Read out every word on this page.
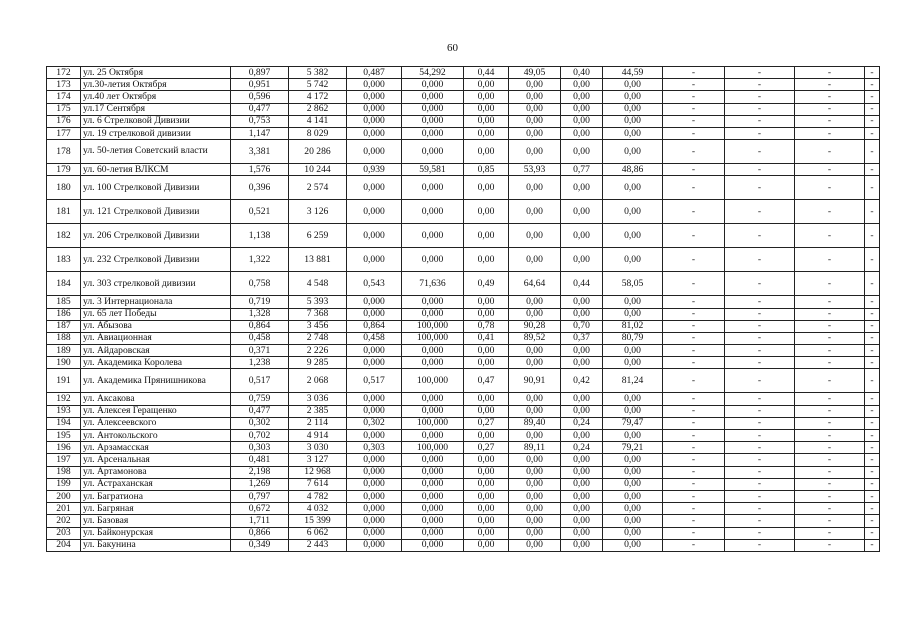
60
172	ул. 25 Октября	0,897	5 382	0,487	54,292	0,44	49,05	0,40	44,59	-	-	-	-
173	ул.30-летия Октября	0,951	5 742	0,000	0,000	0,00	0,00	0,00	0,00	-	-	-	-
174	ул.40 лет Октября	0,596	4 172	0,000	0,000	0,00	0,00	0,00	0,00	-	-	-	-
175	ул.17 Сентября	0,477	2 862	0,000	0,000	0,00	0,00	0,00	0,00	-	-	-	-
176	ул. 6 Стрелковой Дивизии	0,753	4 141	0,000	0,000	0,00	0,00	0,00	0,00	-	-	-	-
177	ул. 19 стрелковой дивизии	1,147	8 029	0,000	0,000	0,00	0,00	0,00	0,00	-	-	-	-
178	ул. 50-летия Советский власти	3,381	20 286	0,000	0,000	0,00	0,00	0,00	0,00	-	-	-	-
179	ул. 60-летия ВЛКСМ	1,576	10 244	0,939	59,581	0,85	53,93	0,77	48,86	-	-	-	-
180	ул. 100 Стрелковой Дивизии	0,396	2 574	0,000	0,000	0,00	0,00	0,00	0,00	-	-	-	-
181	ул. 121 Стрелковой Дивизии	0,521	3 126	0,000	0,000	0,00	0,00	0,00	0,00	-	-	-	-
182	ул. 206 Стрелковой Дивизии	1,138	6 259	0,000	0,000	0,00	0,00	0,00	0,00	-	-	-	-
183	ул. 232 Стрелковой Дивизии	1,322	13 881	0,000	0,000	0,00	0,00	0,00	0,00	-	-	-	-
184	ул. 303 стрелковой дивизии	0,758	4 548	0,543	71,636	0,49	64,64	0,44	58,05	-	-	-	-
185	ул. 3 Интернационала	0,719	5 393	0,000	0,000	0,00	0,00	0,00	0,00	-	-	-	-
186	ул. 65 лет Победы	1,328	7 368	0,000	0,000	0,00	0,00	0,00	0,00	-	-	-	-
187	ул. Абызова	0,864	3 456	0,864	100,000	0,78	90,28	0,70	81,02	-	-	-	-
188	ул. Авиационная	0,458	2 748	0,458	100,000	0,41	89,52	0,37	80,79	-	-	-	-
189	ул. Айдаровская	0,371	2 226	0,000	0,000	0,00	0,00	0,00	0,00	-	-	-	-
190	ул. Академика Королева	1,238	9 285	0,000	0,000	0,00	0,00	0,00	0,00	-	-	-	-
191	ул. Академика Прянишникова	0,517	2 068	0,517	100,000	0,47	90,91	0,42	81,24	-	-	-	-
192	ул. Аксакова	0,759	3 036	0,000	0,000	0,00	0,00	0,00	0,00	-	-	-	-
193	ул. Алексея Геращенко	0,477	2 385	0,000	0,000	0,00	0,00	0,00	0,00	-	-	-	-
194	ул. Алексеевского	0,302	2 114	0,302	100,000	0,27	89,40	0,24	79,47	-	-	-	-
195	ул. Антокольского	0,702	4 914	0,000	0,000	0,00	0,00	0,00	0,00	-	-	-	-
196	ул. Арзамасская	0,303	3 030	0,303	100,000	0,27	89,11	0,24	79,21	-	-	-	-
197	ул. Арсенальная	0,481	3 127	0,000	0,000	0,00	0,00	0,00	0,00	-	-	-	-
198	ул. Артамонова	2,198	12 968	0,000	0,000	0,00	0,00	0,00	0,00	-	-	-	-
199	ул. Астраханская	1,269	7 614	0,000	0,000	0,00	0,00	0,00	0,00	-	-	-	-
200	ул. Багратиона	0,797	4 782	0,000	0,000	0,00	0,00	0,00	0,00	-	-	-	-
201	ул. Багряная	0,672	4 032	0,000	0,000	0,00	0,00	0,00	0,00	-	-	-	-
202	ул. Базовая	1,711	15 399	0,000	0,000	0,00	0,00	0,00	0,00	-	-	-	-
203	ул. Байконурская	0,866	6 062	0,000	0,000	0,00	0,00	0,00	0,00	-	-	-	-
204	ул. Бакунина	0,349	2 443	0,000	0,000	0,00	0,00	0,00	0,00	-	-	-	-
